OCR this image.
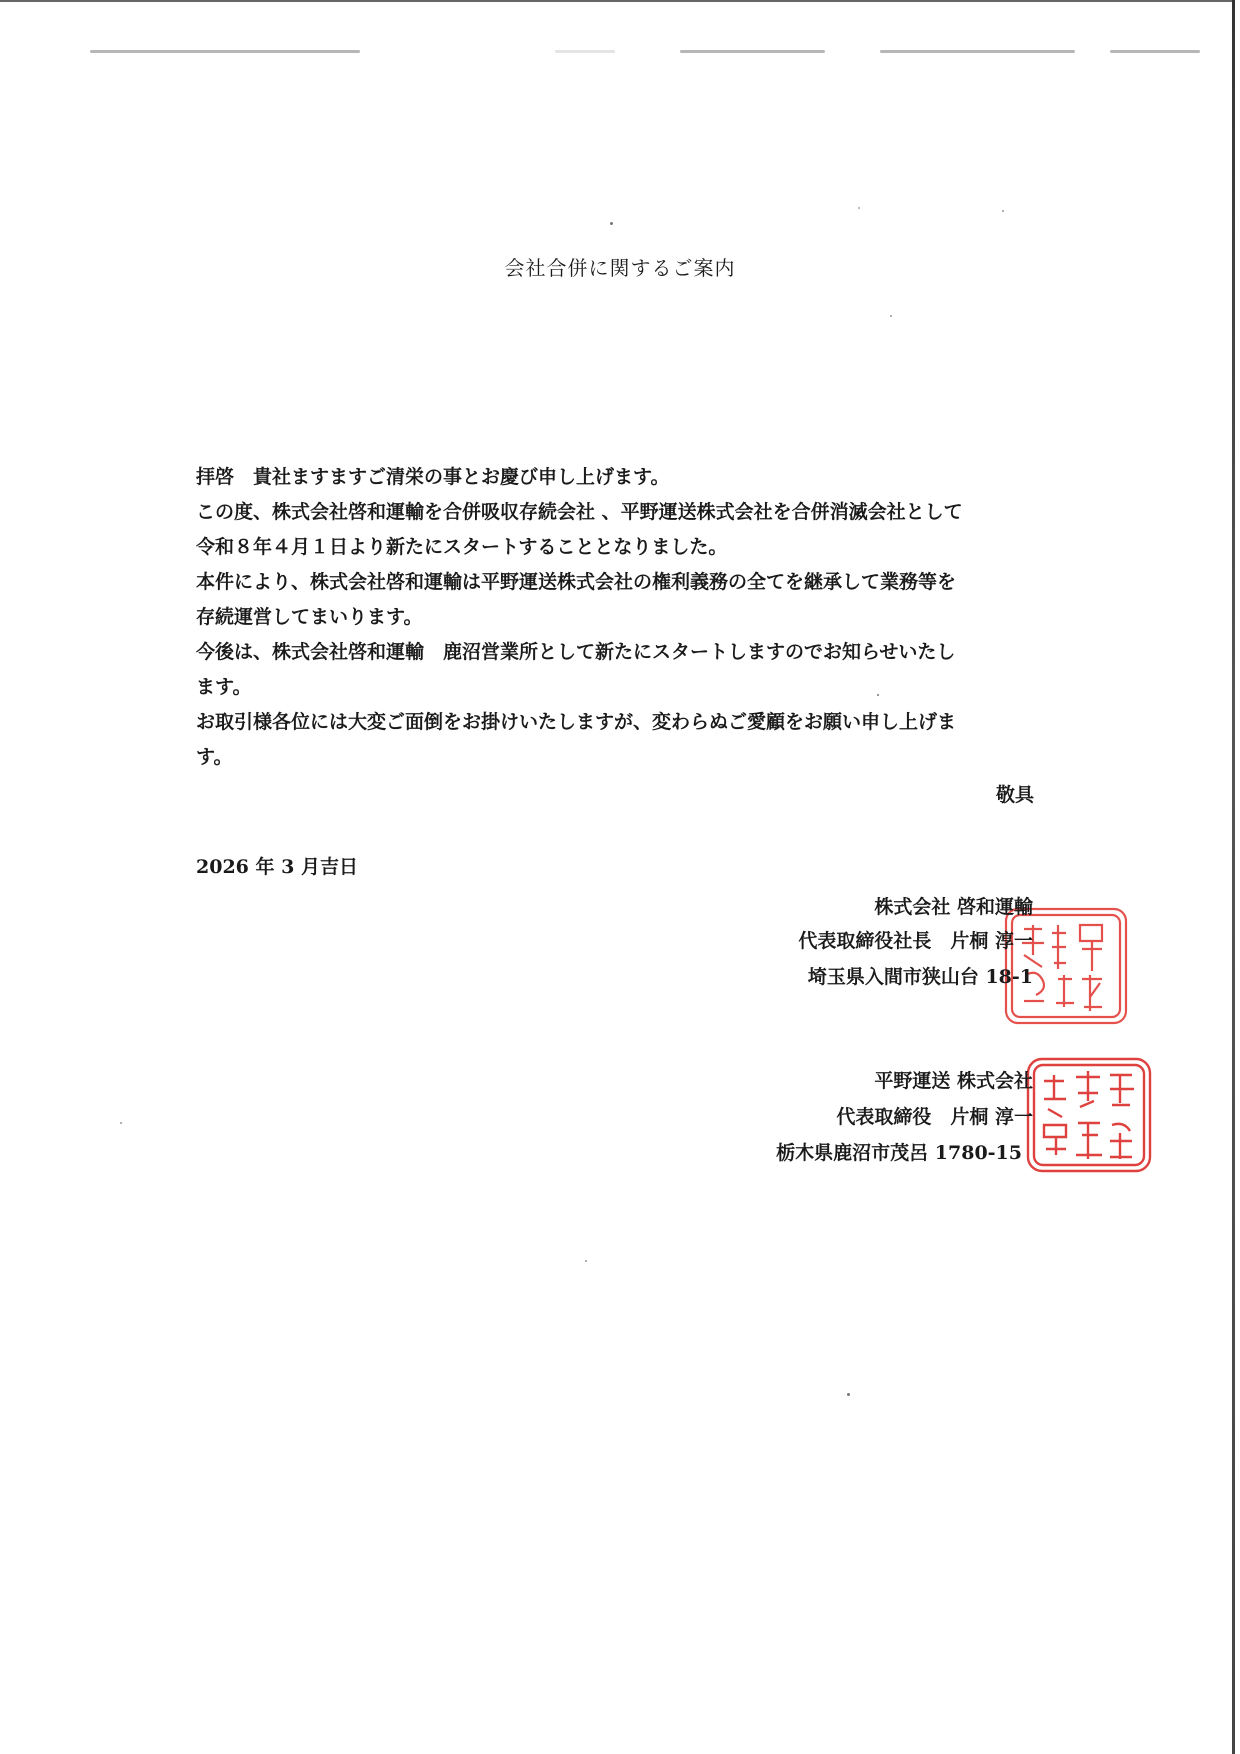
会社合併に関するご案内

拝啓　貴社ますますご清栄の事とお慶び申し上げます。

この度、株式会社啓和運輸を合併吸収存続会社 、平野運送株式会社を合併消滅会社として

令和８年４月１日より新たにスタートすることとなりました。

本件により、株式会社啓和運輸は平野運送株式会社の権利義務の全てを継承して業務等を

存続運営してまいります。

今後は、株式会社啓和運輸　鹿沼営業所として新たにスタートしますのでお知らせいたし

ます。

お取引様各位には大変ご面倒をお掛けいたしますが、変わらぬご愛顧をお願い申し上げま

す。

敬具
2026 年 3 月吉日
株式会社 啓和運輸
代表取締役社長　片桐 淳一
埼玉県入間市狭山台 18-1
平野運送 株式会社
代表取締役　片桐 淳一
栃木県鹿沼市茂呂 1780-15
